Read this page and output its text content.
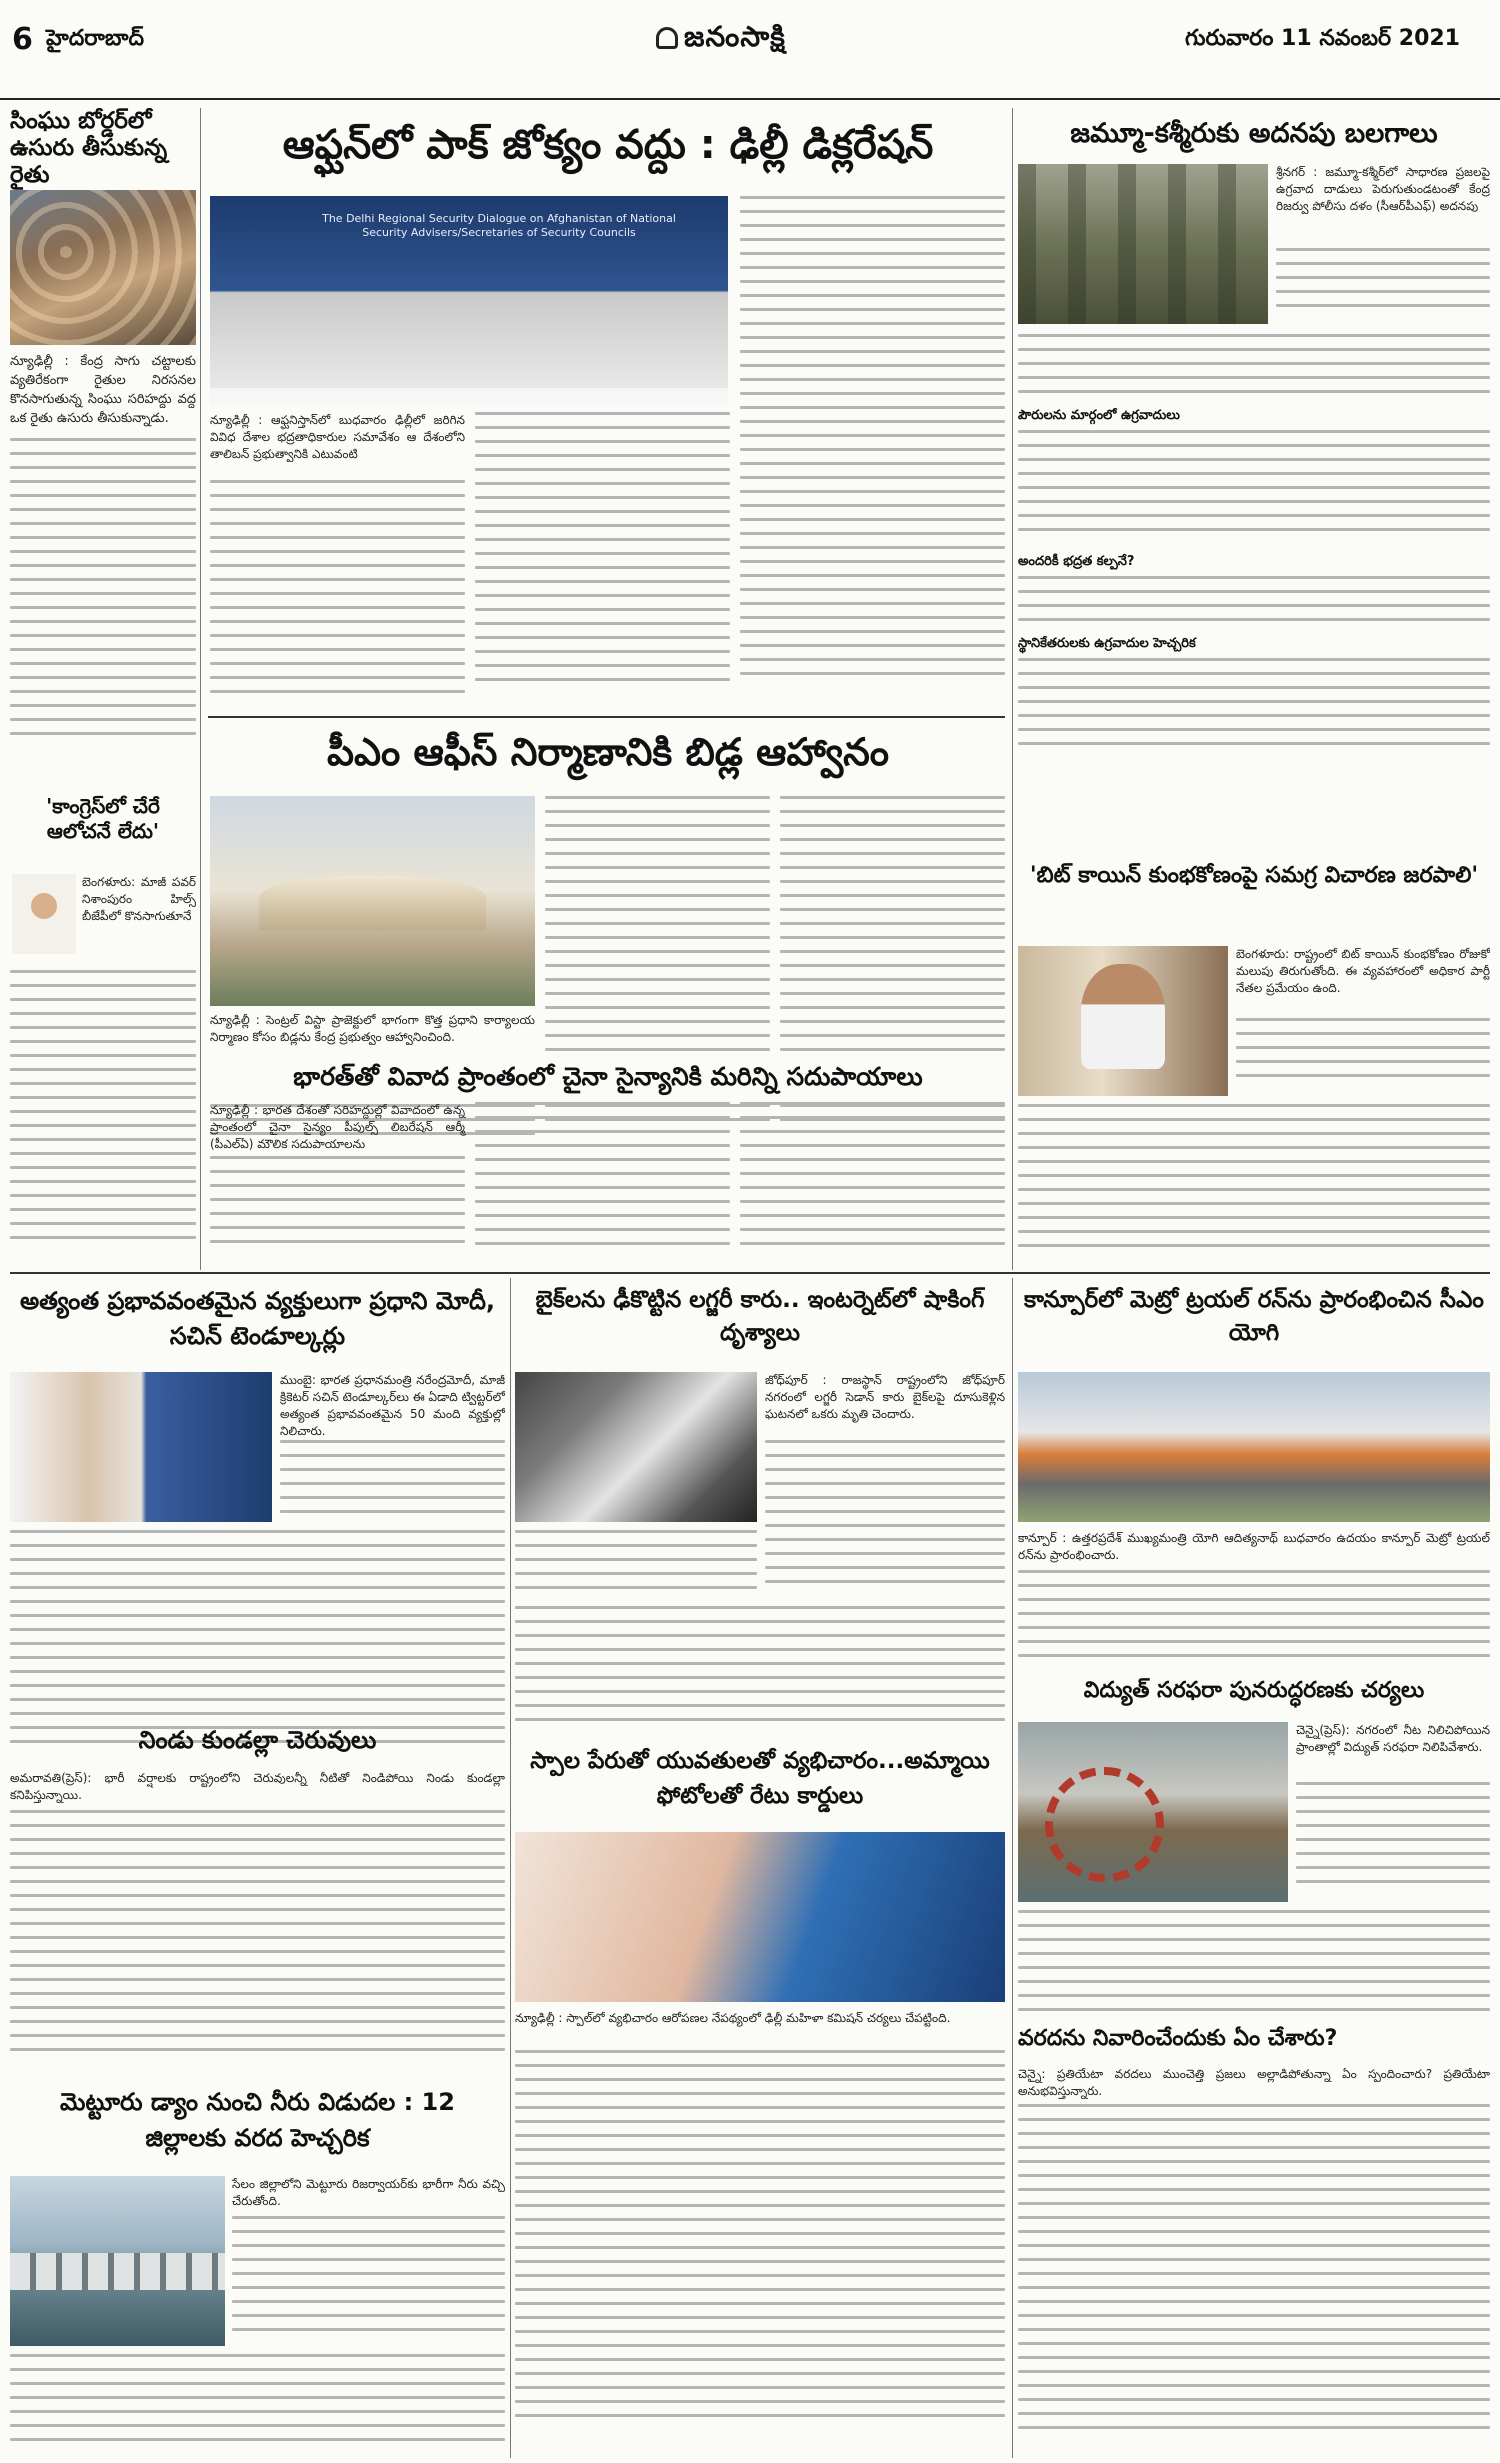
6 హైదరాబాద్	జనంసాక్షి	గురువారం 11 నవంబర్ 2021
సింఘు బోర్డర్‌లో ఉసురు తీసుకున్న రైతు
న్యూఢిల్లీ : కేంద్ర సాగు చట్టాలకు వ్యతిరేకంగా రైతుల నిరసనల కొనసాగుతున్న సింఘు సరిహద్దు వద్ద ఒక రైతు ఉసురు తీసుకున్నాడు.
'కాంగ్రెస్‌లో చేరే ఆలోచనే లేదు'
బెంగళూరు: మాజీ పవర్ నిశాంపురం హిల్స్‌ బీజేపీలో కొనసాగుతూనే
ఆఫ్ఘన్‌లో పాక్ జోక్యం వద్దు : ఢిల్లీ డిక్లరేషన్
The Delhi Regional Security Dialogue on Afghanistan of National Security Advisers/Secretaries of Security Councils
న్యూఢిల్లీ : ఆఫ్ఘనిస్తాన్‌లో బుధవారం ఢిల్లీలో జరిగిన వివిధ దేశాల భద్రతాధికారుల సమావేశం ఆ దేశంలోని తాలిబన్ ప్రభుత్వానికి ఎటువంటి
పీఎం ఆఫీస్ నిర్మాణానికి బిడ్ల ఆహ్వానం
న్యూఢిల్లీ : సెంట్రల్ విస్టా ప్రాజెక్టులో భాగంగా కొత్త ప్రధాని కార్యాలయ నిర్మాణం కోసం బిడ్లను కేంద్ర ప్రభుత్వం ఆహ్వానించింది.
భారత్‌తో వివాద ప్రాంతంలో చైనా సైన్యానికి మరిన్ని సదుపాయాలు
న్యూఢిల్లీ : భారత దేశంతో సరిహద్దుల్లో వివాదంలో ఉన్న ప్రాంతంలో చైనా సైన్యం పీపుల్స్ లిబరేషన్ ఆర్మీ (పీఎల్‌ఏ) మౌలిక సదుపాయాలను
జమ్మూ-కశ్మీరుకు అదనపు బలగాలు
శ్రీనగర్ : జమ్మూ-కశ్మీర్‌లో సాధారణ ప్రజలపై ఉగ్రవాద దాడులు పెరుగుతుండటంతో కేంద్ర రిజర్వు పోలీసు దళం (సీఆర్‌పీఎఫ్) అదనపు
పౌరులను మార్గంలో ఉగ్రవాదులు
అందరికీ భద్రత కల్పనే?
స్థానికేతరులకు ఉగ్రవాదుల హెచ్చరిక
'బిట్ కాయిన్ కుంభకోణంపై సమగ్ర విచారణ జరపాలి'
బెంగళూరు: రాష్ట్రంలో బిట్ కాయిన్ కుంభకోణం రోజుకో మలుపు తిరుగుతోంది. ఈ వ్యవహారంలో అధికార పార్టీ నేతల ప్రమేయం ఉంది.
అత్యంత ప్రభావవంతమైన వ్యక్తులుగా ప్రధాని మోదీ, సచిన్ టెండూల్కర్లు
ముంబై: భారత ప్రధానమంత్రి నరేంద్రమోదీ, మాజీ క్రికెటర్ సచిన్ టెండూల్కర్‌లు ఈ ఏడాది ట్విట్టర్‌లో అత్యంత ప్రభావవంతమైన 50 మంది వ్యక్తుల్లో నిలిచారు.
నిండు కుండల్లా చెరువులు
అమరావతి(ప్రెస్): భారీ వర్షాలకు రాష్ట్రంలోని చెరువులన్నీ నీటితో నిండిపోయి నిండు కుండల్లా కనిపిస్తున్నాయి.
మెట్టూరు డ్యాం నుంచి నీరు విడుదల : 12 జిల్లాలకు వరద హెచ్చరిక
సేలం జిల్లాలోని మెట్టూరు రిజర్వాయర్‌కు భారీగా నీరు వచ్చి చేరుతోంది.
బైక్‌లను ఢీకొట్టిన లగ్జరీ కారు.. ఇంటర్నెట్‌లో షాకింగ్ దృశ్యాలు
జోధ్‌పూర్ : రాజస్థాన్ రాష్ట్రంలోని జోధ్‌పూర్ నగరంలో లగ్జరీ సెడాన్ కారు బైక్‌లపై దూసుకెళ్లిన ఘటనలో ఒకరు మృతి చెందారు.
స్పాల పేరుతో యువతులతో వ్యభిచారం...అమ్మాయి ఫోటోలతో రేటు కార్డులు
న్యూఢిల్లీ : స్పాల్‌లో వ్యభిచారం ఆరోపణల నేపథ్యంలో ఢిల్లీ మహిళా కమిషన్ చర్యలు చేపట్టింది.
కాన్పూర్‌లో మెట్రో ట్రయల్ రన్‌ను ప్రారంభించిన సీఎం యోగి
కాన్పూర్ : ఉత్తరప్రదేశ్ ముఖ్యమంత్రి యోగి ఆదిత్యనాథ్ బుధవారం ఉదయం కాన్పూర్ మెట్రో ట్రయల్ రన్‌ను ప్రారంభించారు.
విద్యుత్ సరఫరా పునరుద్ధరణకు చర్యలు
చెన్నై(ప్రెస్): నగరంలో నీట నిలిచిపోయిన ప్రాంతాల్లో విద్యుత్ సరఫరా నిలిపివేశారు.
వరదను నివారించేందుకు ఏం చేశారు?
చెన్నై: ప్రతియేటా వరదలు ముంచెత్తి ప్రజలు అల్లాడిపోతున్నా ఏం స్పందించారు? ప్రతియేటా అనుభవిస్తున్నారు.
